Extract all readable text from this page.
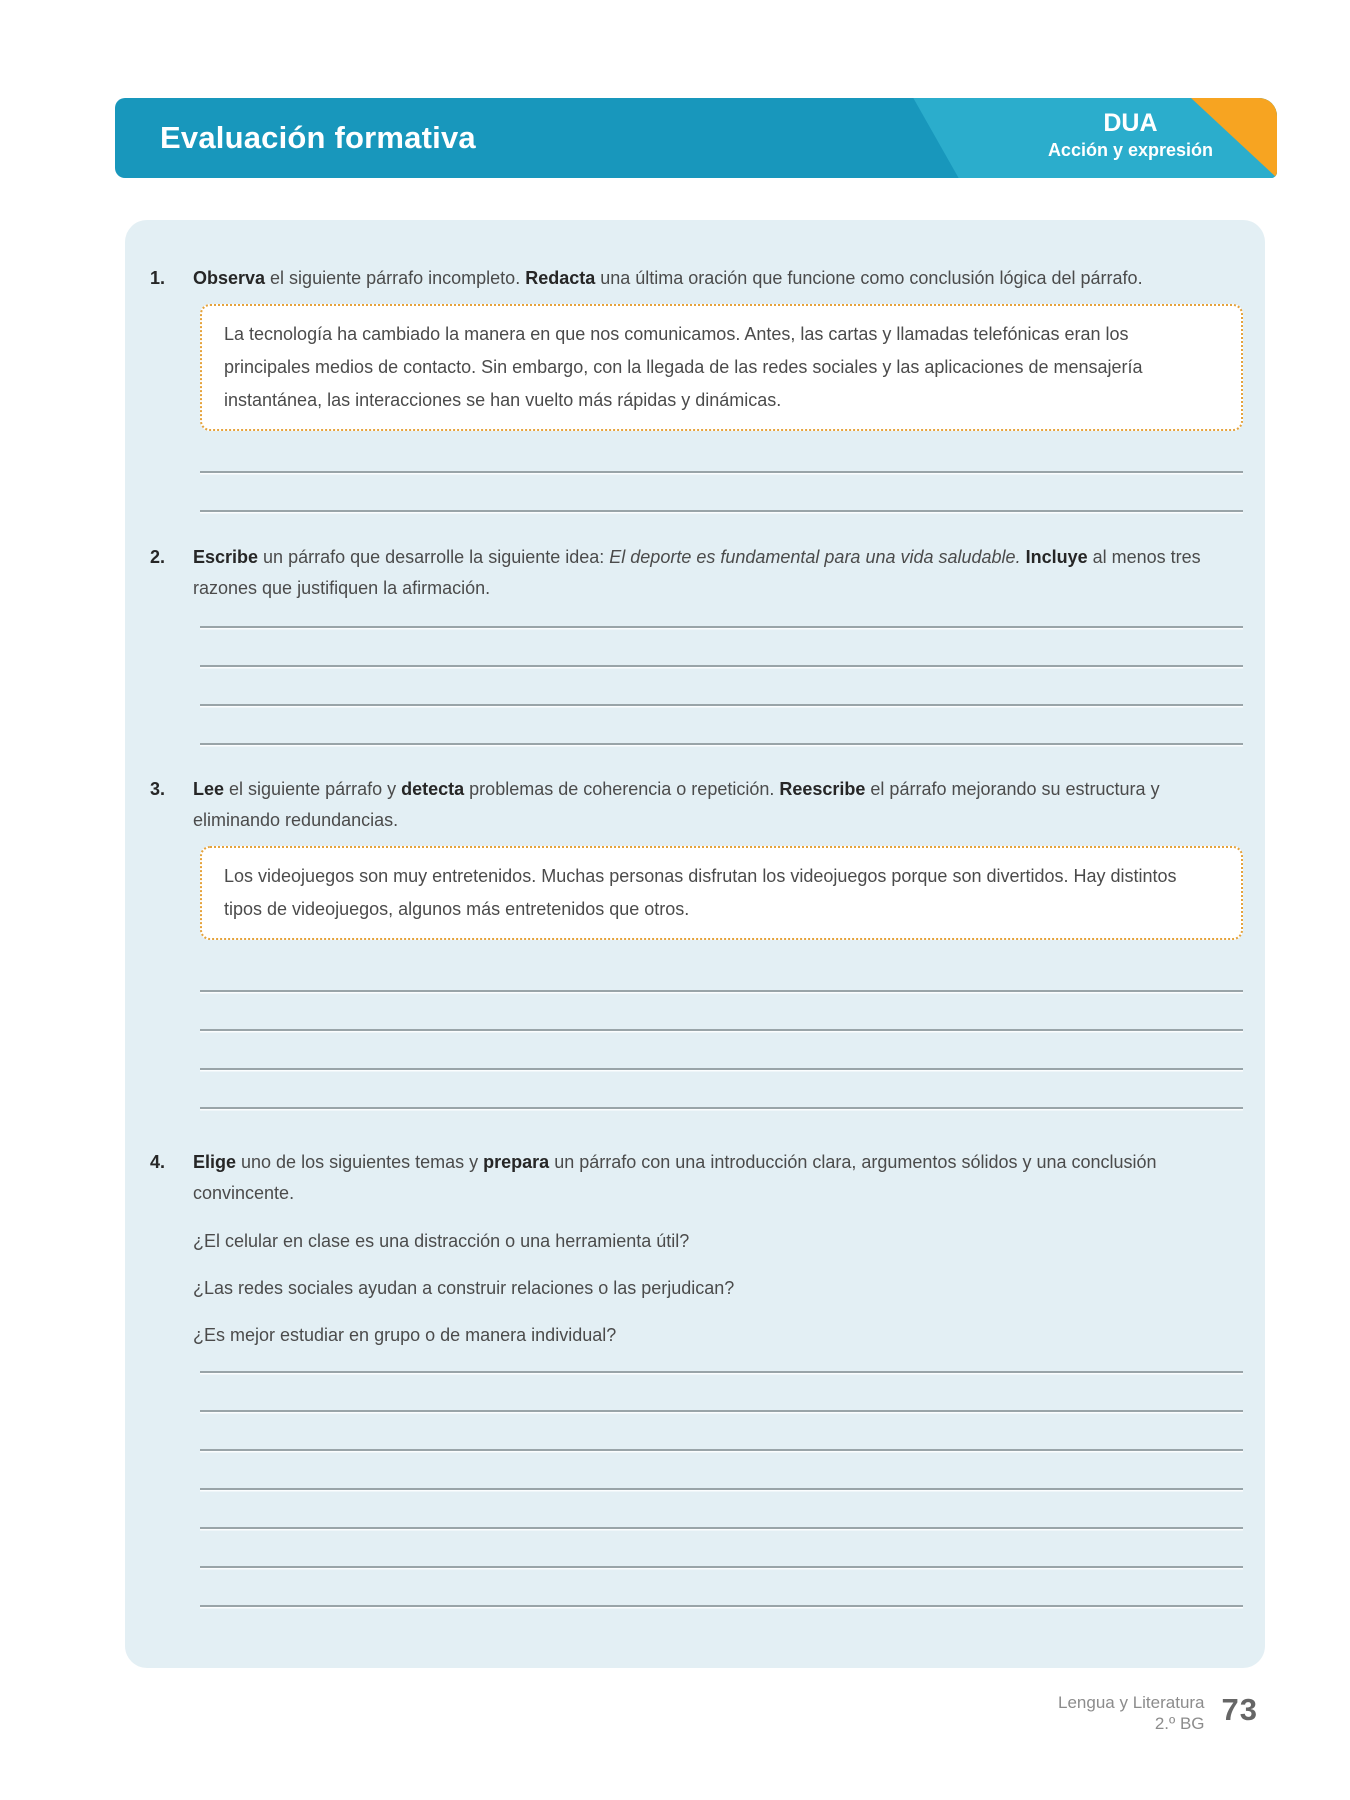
Evaluación formativa	DUA
Acción y expresión
1.	Observa el siguiente párrafo incompleto. Redacta una última oración que funcione como conclusión lógica del párrafo.

La tecnología ha cambiado la manera en que nos comunicamos. Antes, las cartas y llamadas telefónicas eran los principales medios de contacto. Sin embargo, con la llegada de las redes sociales y las aplicaciones de mensajería instantánea, las interacciones se han vuelto más rápidas y dinámicas.
2.	Escribe un párrafo que desarrolle la siguiente idea: El deporte es fundamental para una vida saludable. Incluye al menos tres razones que justifiquen la afirmación.

3.	Lee el siguiente párrafo y detecta problemas de coherencia o repetición. Reescribe el párrafo mejorando su estructura y eliminando redundancias.

Los videojuegos son muy entretenidos. Muchas personas disfrutan los videojuegos porque son divertidos. Hay distintos tipos de videojuegos, algunos más entretenidos que otros.
4.	Elige uno de los siguientes temas y prepara un párrafo con una introducción clara, argumentos sólidos y una conclusión convincente.

¿El celular en clase es una distracción o una herramienta útil?

¿Las redes sociales ayudan a construir relaciones o las perjudican?

¿Es mejor estudiar en grupo o de manera individual?

Lengua y Literatura
2.º BG 73
